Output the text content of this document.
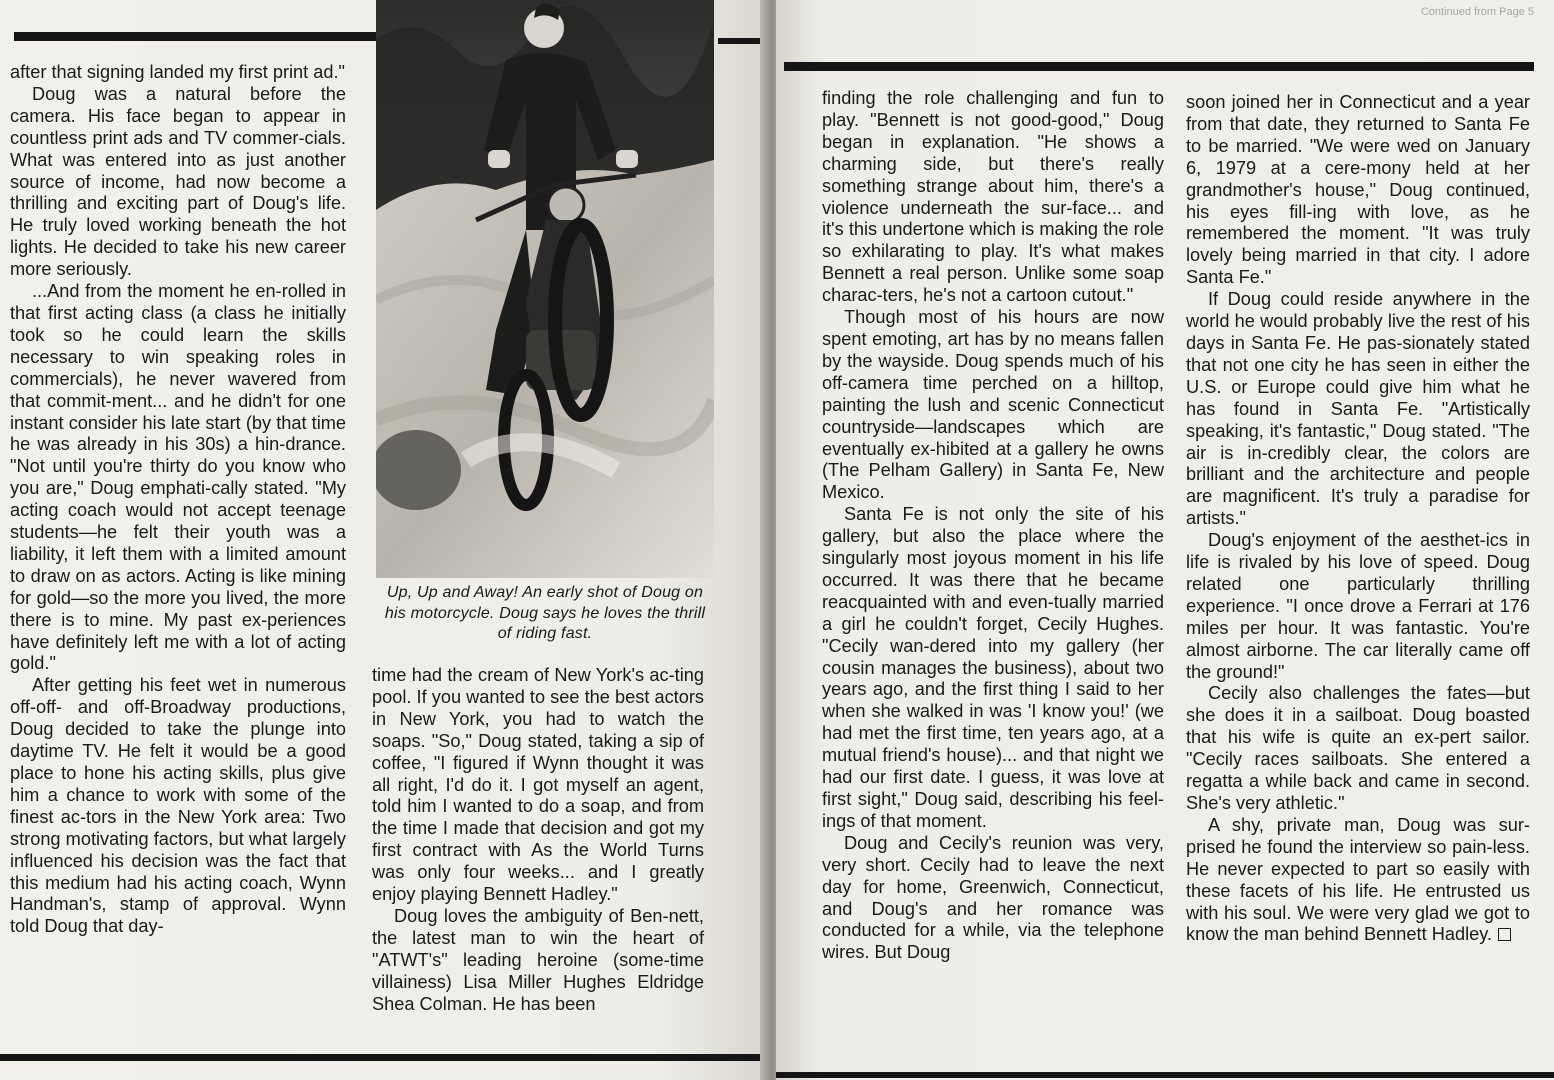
after that signing landed my first print ad."

Doug was a natural before the camera. His face began to appear in countless print ads and TV commer-cials. What was entered into as just another source of income, had now become a thrilling and exciting part of Doug's life. He truly loved working beneath the hot lights. He decided to take his new career more seriously.

...And from the moment he en-rolled in that first acting class (a class he initially took so he could learn the skills necessary to win speaking roles in commercials), he never wavered from that commit-ment... and he didn't for one instant consider his late start (by that time he was already in his 30s) a hin-drance. "Not until you're thirty do you know who you are," Doug emphati-cally stated. "My acting coach would not accept teenage students—he felt their youth was a liability, it left them with a limited amount to draw on as actors. Acting is like mining for gold—so the more you lived, the more there is to mine. My past ex-periences have definitely left me with a lot of acting gold."

After getting his feet wet in numerous off-off- and off-Broadway productions, Doug decided to take the plunge into daytime TV. He felt it would be a good place to hone his acting skills, plus give him a chance to work with some of the finest ac-tors in the New York area: Two strong motivating factors, but what largely influenced his decision was the fact that this medium had his acting coach, Wynn Handman's, stamp of approval. Wynn told Doug that day-

Up, Up and Away! An early shot of Doug on his motorcycle. Doug says he loves the thrill of riding fast.

time had the cream of New York's ac-ting pool. If you wanted to see the best actors in New York, you had to watch the soaps. "So," Doug stated, taking a sip of coffee, "I figured if Wynn thought it was all right, I'd do it. I got myself an agent, told him I wanted to do a soap, and from the time I made that decision and got my first contract with As the World Turns was only four weeks... and I greatly enjoy playing Bennett Hadley."

Doug loves the ambiguity of Ben-nett, the latest man to win the heart of "ATWT's" leading heroine (some-time villainess) Lisa Miller Hughes Eldridge Shea Colman. He has been

Continued from Page 5

finding the role challenging and fun to play. "Bennett is not good-good," Doug began in explanation. "He shows a charming side, but there's really something strange about him, there's a violence underneath the sur-face... and it's this undertone which is making the role so exhilarating to play. It's what makes Bennett a real person. Unlike some soap charac-ters, he's not a cartoon cutout."

Though most of his hours are now spent emoting, art has by no means fallen by the wayside. Doug spends much of his off-camera time perched on a hilltop, painting the lush and scenic Connecticut countryside—landscapes which are eventually ex-hibited at a gallery he owns (The Pelham Gallery) in Santa Fe, New Mexico.

Santa Fe is not only the site of his gallery, but also the place where the singularly most joyous moment in his life occurred. It was there that he became reacquainted with and even-tually married a girl he couldn't forget, Cecily Hughes. "Cecily wan-dered into my gallery (her cousin manages the business), about two years ago, and the first thing I said to her when she walked in was 'I know you!' (we had met the first time, ten years ago, at a mutual friend's house)... and that night we had our first date. I guess, it was love at first sight," Doug said, describing his feel-ings of that moment.

Doug and Cecily's reunion was very, very short. Cecily had to leave the next day for home, Greenwich, Connecticut, and Doug's and her romance was conducted for a while, via the telephone wires. But Doug

soon joined her in Connecticut and a year from that date, they returned to Santa Fe to be married. "We were wed on January 6, 1979 at a cere-mony held at her grandmother's house," Doug continued, his eyes fill-ing with love, as he remembered the moment. "It was truly lovely being married in that city. I adore Santa Fe."

If Doug could reside anywhere in the world he would probably live the rest of his days in Santa Fe. He pas-sionately stated that not one city he has seen in either the U.S. or Europe could give him what he has found in Santa Fe. "Artistically speaking, it's fantastic," Doug stated. "The air is in-credibly clear, the colors are brilliant and the architecture and people are magnificent. It's truly a paradise for artists."

Doug's enjoyment of the aesthet-ics in life is rivaled by his love of speed. Doug related one particularly thrilling experience. "I once drove a Ferrari at 176 miles per hour. It was fantastic. You're almost airborne. The car literally came off the ground!"

Cecily also challenges the fates—but she does it in a sailboat. Doug boasted that his wife is quite an ex-pert sailor. "Cecily races sailboats. She entered a regatta a while back and came in second. She's very athletic."

A shy, private man, Doug was sur-prised he found the interview so pain-less. He never expected to part so easily with these facets of his life. He entrusted us with his soul. We were very glad we got to know the man behind Bennett Hadley.
